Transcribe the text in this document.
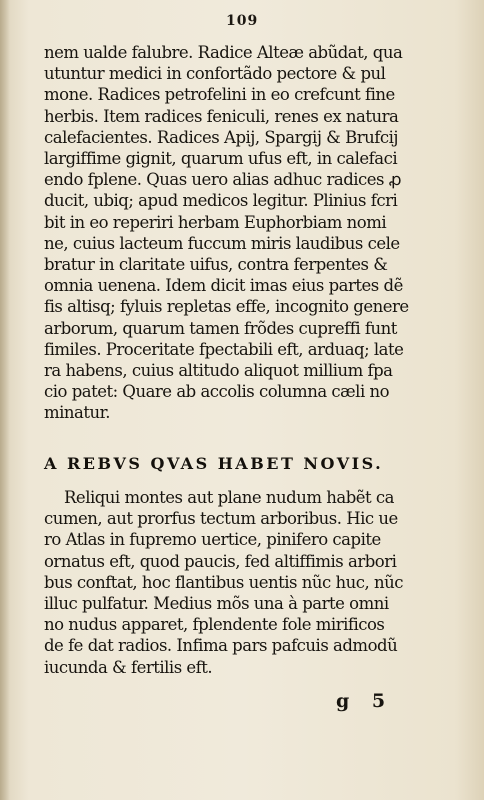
109
nem ualde falubre. Radice Alteæ abũdat, qua
utuntur medici in confortãdo pectore & pul
mone. Radices petrofelini in eo crefcunt fine
herbis. Item radices feniculi, renes ex natura
calefacientes. Radices Apij, Spargij & Brufcij
largiffime gignit, quarum ufus eft, in calefaci
endo fplene. Quas uero alias adhuc radices ꝓ
ducit, ubiq; apud medicos legitur. Plinius fcri
bit in eo reperiri herbam Euphorbiam nomi
ne, cuius lacteum fuccum miris laudibus cele
bratur in claritate uifus, contra ferpentes &
omnia uenena. Idem dicit imas eius partes dẽ
fis altisq; fyluis repletas effe, incognito genere
arborum, quarum tamen frõdes cupreffi funt
fimiles. Proceritate fpectabili eft, arduaq; late
ra habens, cuius altitudo aliquot millium fpa
cio patet: Quare ab accolis columna cæli no
minatur.
A REBVS QVAS HABET NOVIS.
Reliqui montes aut plane nudum habẽt ca
cumen, aut prorfus tectum arboribus. Hic ue
ro Atlas in fupremo uertice, pinifero capite
ornatus eft, quod paucis, fed altiffimis arbori
bus conftat, hoc flantibus uentis nũc huc, nũc
illuc pulfatur. Medius mõs una à parte omni
no nudus apparet, fplendente fole mirificos
de fe dat radios. Infima pars pafcuis admodũ
iucunda & fertilis eft.
g 5
